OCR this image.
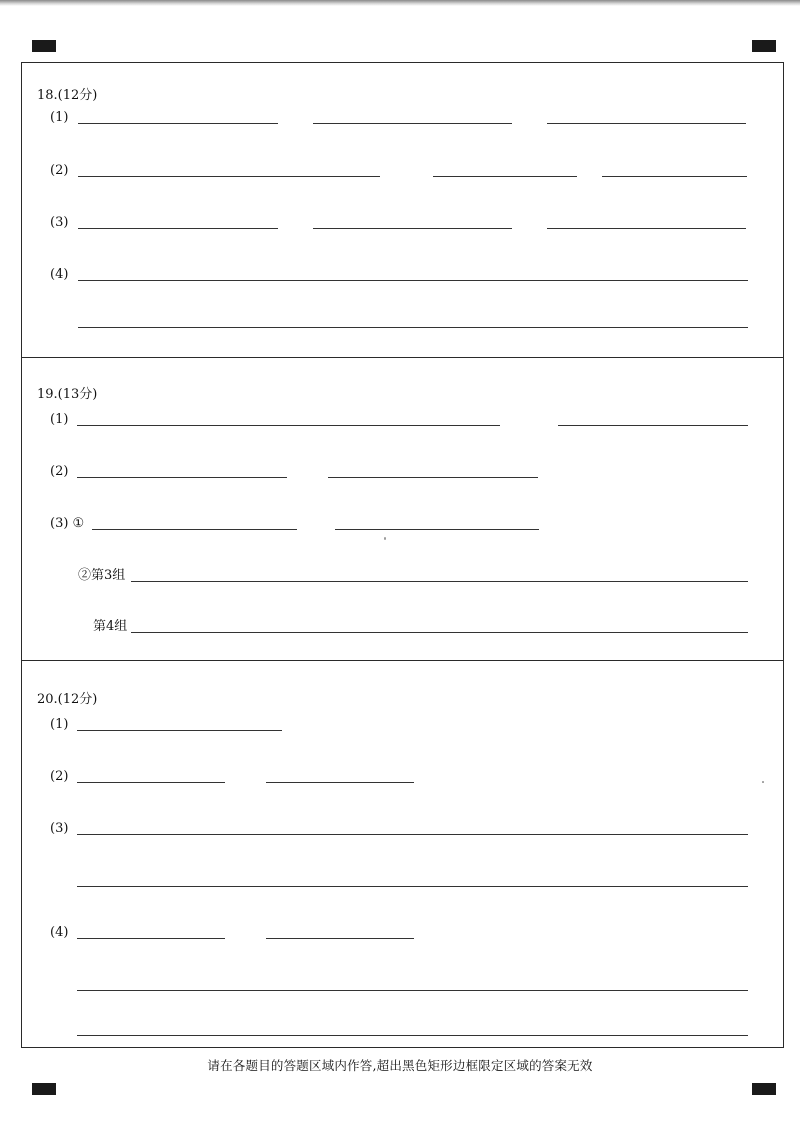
18.(12分)
(1)
(2)
(3)
(4)
19.(13分)
(1)
(2)
(3) ①
②第3组
第4组
20.(12分)
(1)
(2)
(3)
(4)
请在各题目的答题区域内作答,超出黑色矩形边框限定区域的答案无效
